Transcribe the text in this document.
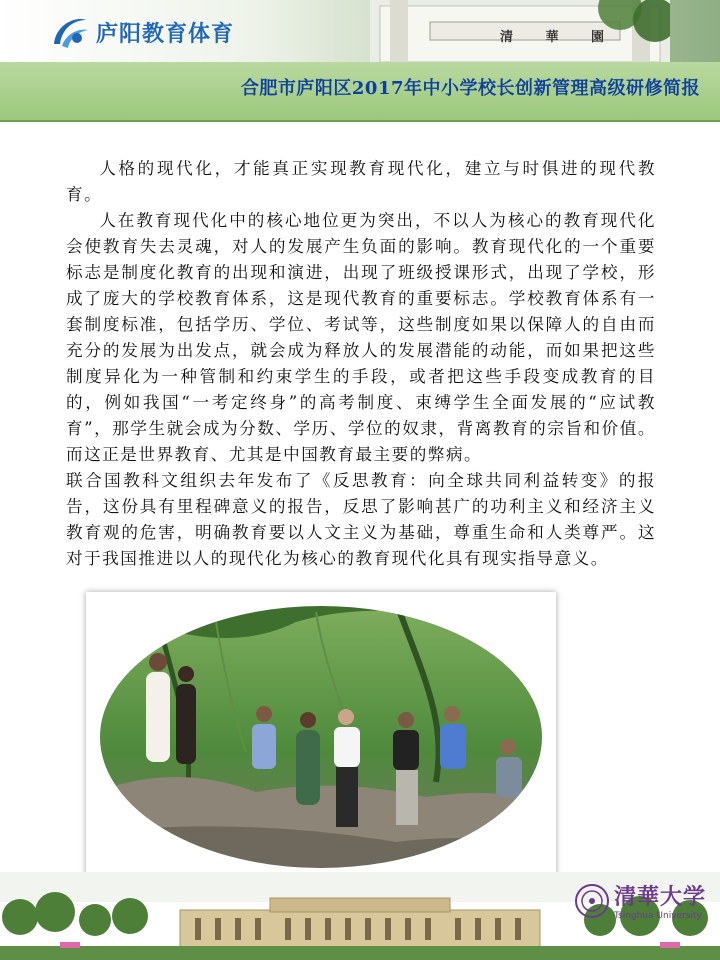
清 華 園
庐阳教育体育
合肥市庐阳区2017年中小学校长创新管理高级研修简报

人格的现代化，才能真正实现教育现代化，建立与时俱进的现代教育。

人在教育现代化中的核心地位更为突出，不以人为核心的教育现代化会使教育失去灵魂，对人的发展产生负面的影响。教育现代化的一个重要标志是制度化教育的出现和演进，出现了班级授课形式，出现了学校，形成了庞大的学校教育体系，这是现代教育的重要标志。学校教育体系有一套制度标准，包括学历、学位、考试等，这些制度如果以保障人的自由而充分的发展为出发点，就会成为释放人的发展潜能的动能，而如果把这些制度异化为一种管制和约束学生的手段，或者把这些手段变成教育的目的，例如我国“一考定终身”的高考制度、束缚学生全面发展的“应试教育”，那学生就会成为分数、学历、学位的奴隶，背离教育的宗旨和价值。而这正是世界教育、尤其是中国教育最主要的弊病。

联合国教科文组织去年发布了《反思教育：向全球共同利益转变》的报告，这份具有里程碑意义的报告，反思了影响甚广的功利主义和经济主义教育观的危害，明确教育要以人文主义为基础，尊重生命和人类尊严。这对于我国推进以人的现代化为核心的教育现代化具有现实指导意义。

清華大学
Tsinghua University
